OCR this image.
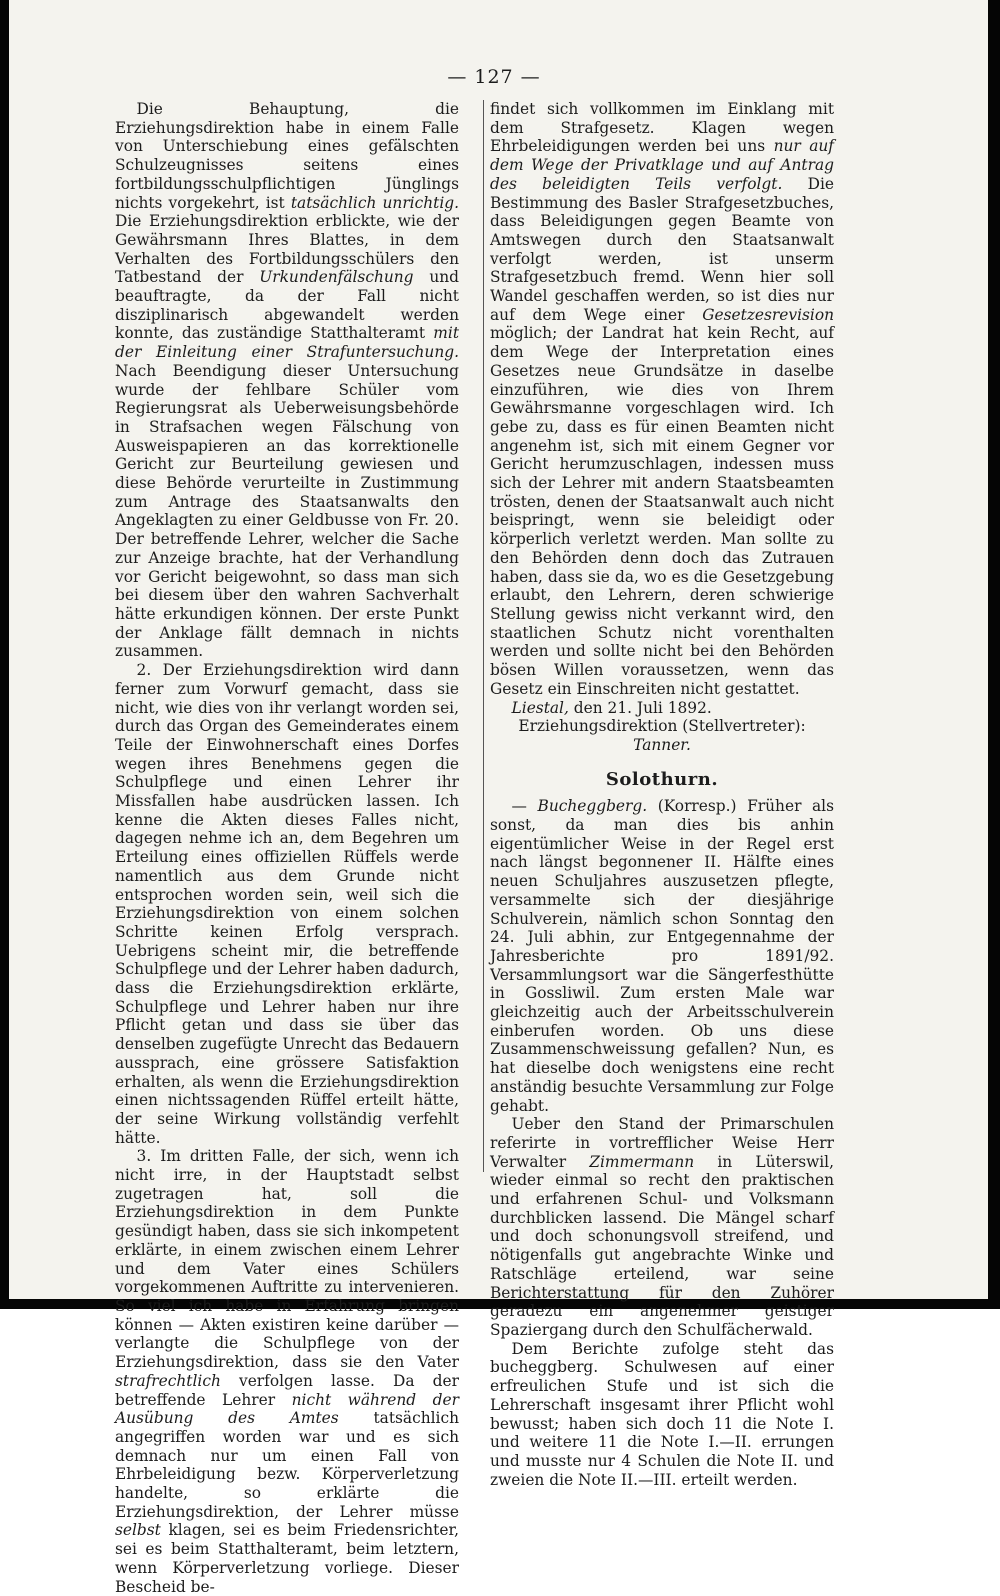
— 127 —

Die Behauptung, die Erziehungsdirektion habe in einem Falle von Unterschiebung eines gefälschten Schulzeugnisses seitens eines fortbildungsschulpflichtigen Jünglings nichts vorgekehrt, ist tatsächlich unrichtig. Die Erziehungsdirektion erblickte, wie der Gewährsmann Ihres Blattes, in dem Verhalten des Fortbildungsschülers den Tatbestand der Urkundenfälschung und beauftragte, da der Fall nicht disziplinarisch abgewandelt werden konnte, das zuständige Statthalteramt mit der Einleitung einer Strafuntersuchung. Nach Beendigung dieser Untersuchung wurde der fehlbare Schüler vom Regierungsrat als Ueberweisungsbehörde in Strafsachen wegen Fälschung von Ausweispapieren an das korrektionelle Gericht zur Beurteilung gewiesen und diese Behörde verurteilte in Zustimmung zum Antrage des Staatsanwalts den Angeklagten zu einer Geldbusse von Fr. 20. Der betreffende Lehrer, welcher die Sache zur Anzeige brachte, hat der Verhandlung vor Gericht beigewohnt, so dass man sich bei diesem über den wahren Sachverhalt hätte erkundigen können. Der erste Punkt der Anklage fällt demnach in nichts zusammen.

2. Der Erziehungsdirektion wird dann ferner zum Vorwurf gemacht, dass sie nicht, wie dies von ihr verlangt worden sei, durch das Organ des Gemeinderates einem Teile der Einwohnerschaft eines Dorfes wegen ihres Benehmens gegen die Schulpflege und einen Lehrer ihr Missfallen habe ausdrücken lassen. Ich kenne die Akten dieses Falles nicht, dagegen nehme ich an, dem Begehren um Erteilung eines offiziellen Rüffels werde namentlich aus dem Grunde nicht entsprochen worden sein, weil sich die Erziehungsdirektion von einem solchen Schritte keinen Erfolg versprach. Uebrigens scheint mir, die betreffende Schulpflege und der Lehrer haben dadurch, dass die Erziehungsdirektion erklärte, Schulpflege und Lehrer haben nur ihre Pflicht getan und dass sie über das denselben zugefügte Unrecht das Bedauern aussprach, eine grössere Satisfaktion erhalten, als wenn die Erziehungsdirektion einen nichtssagenden Rüffel erteilt hätte, der seine Wirkung vollständig verfehlt hätte.

3. Im dritten Falle, der sich, wenn ich nicht irre, in der Hauptstadt selbst zugetragen hat, soll die Erziehungsdirektion in dem Punkte gesündigt haben, dass sie sich inkompetent erklärte, in einem zwischen einem Lehrer und dem Vater eines Schülers vorgekommenen Auftritte zu intervenieren. So viel ich habe in Erfahrung bringen können — Akten existiren keine darüber — verlangte die Schulpflege von der Erziehungsdirektion, dass sie den Vater strafrechtlich verfolgen lasse. Da der betreffende Lehrer nicht während der Ausübung des Amtes tatsächlich angegriffen worden war und es sich demnach nur um einen Fall von Ehrbeleidigung bezw. Körperverletzung handelte, so erklärte die Erziehungsdirektion, der Lehrer müsse selbst klagen, sei es beim Friedensrichter, sei es beim Statthalteramt, beim letztern, wenn Körperverletzung vorliege. Dieser Bescheid be-

findet sich vollkommen im Einklang mit dem Strafgesetz. Klagen wegen Ehrbeleidigungen werden bei uns nur auf dem Wege der Privatklage und auf Antrag des beleidigten Teils verfolgt. Die Bestimmung des Basler Strafgesetzbuches, dass Beleidigungen gegen Beamte von Amtswegen durch den Staatsanwalt verfolgt werden, ist unserm Strafgesetzbuch fremd. Wenn hier soll Wandel geschaffen werden, so ist dies nur auf dem Wege einer Gesetzesrevision möglich; der Landrat hat kein Recht, auf dem Wege der Interpretation eines Gesetzes neue Grundsätze in daselbe einzuführen, wie dies von Ihrem Gewährsmanne vorgeschlagen wird. Ich gebe zu, dass es für einen Beamten nicht angenehm ist, sich mit einem Gegner vor Gericht herumzuschlagen, indessen muss sich der Lehrer mit andern Staatsbeamten trösten, denen der Staatsanwalt auch nicht beispringt, wenn sie beleidigt oder körperlich verletzt werden. Man sollte zu den Behörden denn doch das Zutrauen haben, dass sie da, wo es die Gesetzgebung erlaubt, den Lehrern, deren schwierige Stellung gewiss nicht verkannt wird, den staatlichen Schutz nicht vorenthalten werden und sollte nicht bei den Behörden bösen Willen voraussetzen, wenn das Gesetz ein Einschreiten nicht gestattet.

Liestal, den 21. Juli 1892.

Erziehungsdirektion (Stellvertreter):

Tanner.

Solothurn.

— Bucheggberg. (Korresp.) Früher als sonst, da man dies bis anhin eigentümlicher Weise in der Regel erst nach längst begonnener II. Hälfte eines neuen Schuljahres auszusetzen pflegte, versammelte sich der diesjährige Schulverein, nämlich schon Sonntag den 24. Juli abhin, zur Entgegennahme der Jahresberichte pro 1891/92. Versammlungsort war die Sängerfesthütte in Gossliwil. Zum ersten Male war gleichzeitig auch der Arbeitsschulverein einberufen worden. Ob uns diese Zusammenschweissung gefallen? Nun, es hat dieselbe doch wenigstens eine recht anständig besuchte Versammlung zur Folge gehabt.

Ueber den Stand der Primarschulen referirte in vortrefflicher Weise Herr Verwalter Zimmermann in Lüterswil, wieder einmal so recht den praktischen und erfahrenen Schul- und Volksmann durchblicken lassend. Die Mängel scharf und doch schonungsvoll streifend, und nötigenfalls gut angebrachte Winke und Ratschläge erteilend, war seine Berichterstattung für den Zuhörer geradezu ein angenehmer geistiger Spaziergang durch den Schulfächerwald.

Dem Berichte zufolge steht das bucheggberg. Schulwesen auf einer erfreulichen Stufe und ist sich die Lehrerschaft insgesamt ihrer Pflicht wohl bewusst; haben sich doch 11 die Note I. und weitere 11 die Note I.—II. errungen und musste nur 4 Schulen die Note II. und zweien die Note II.—III. erteilt werden.
